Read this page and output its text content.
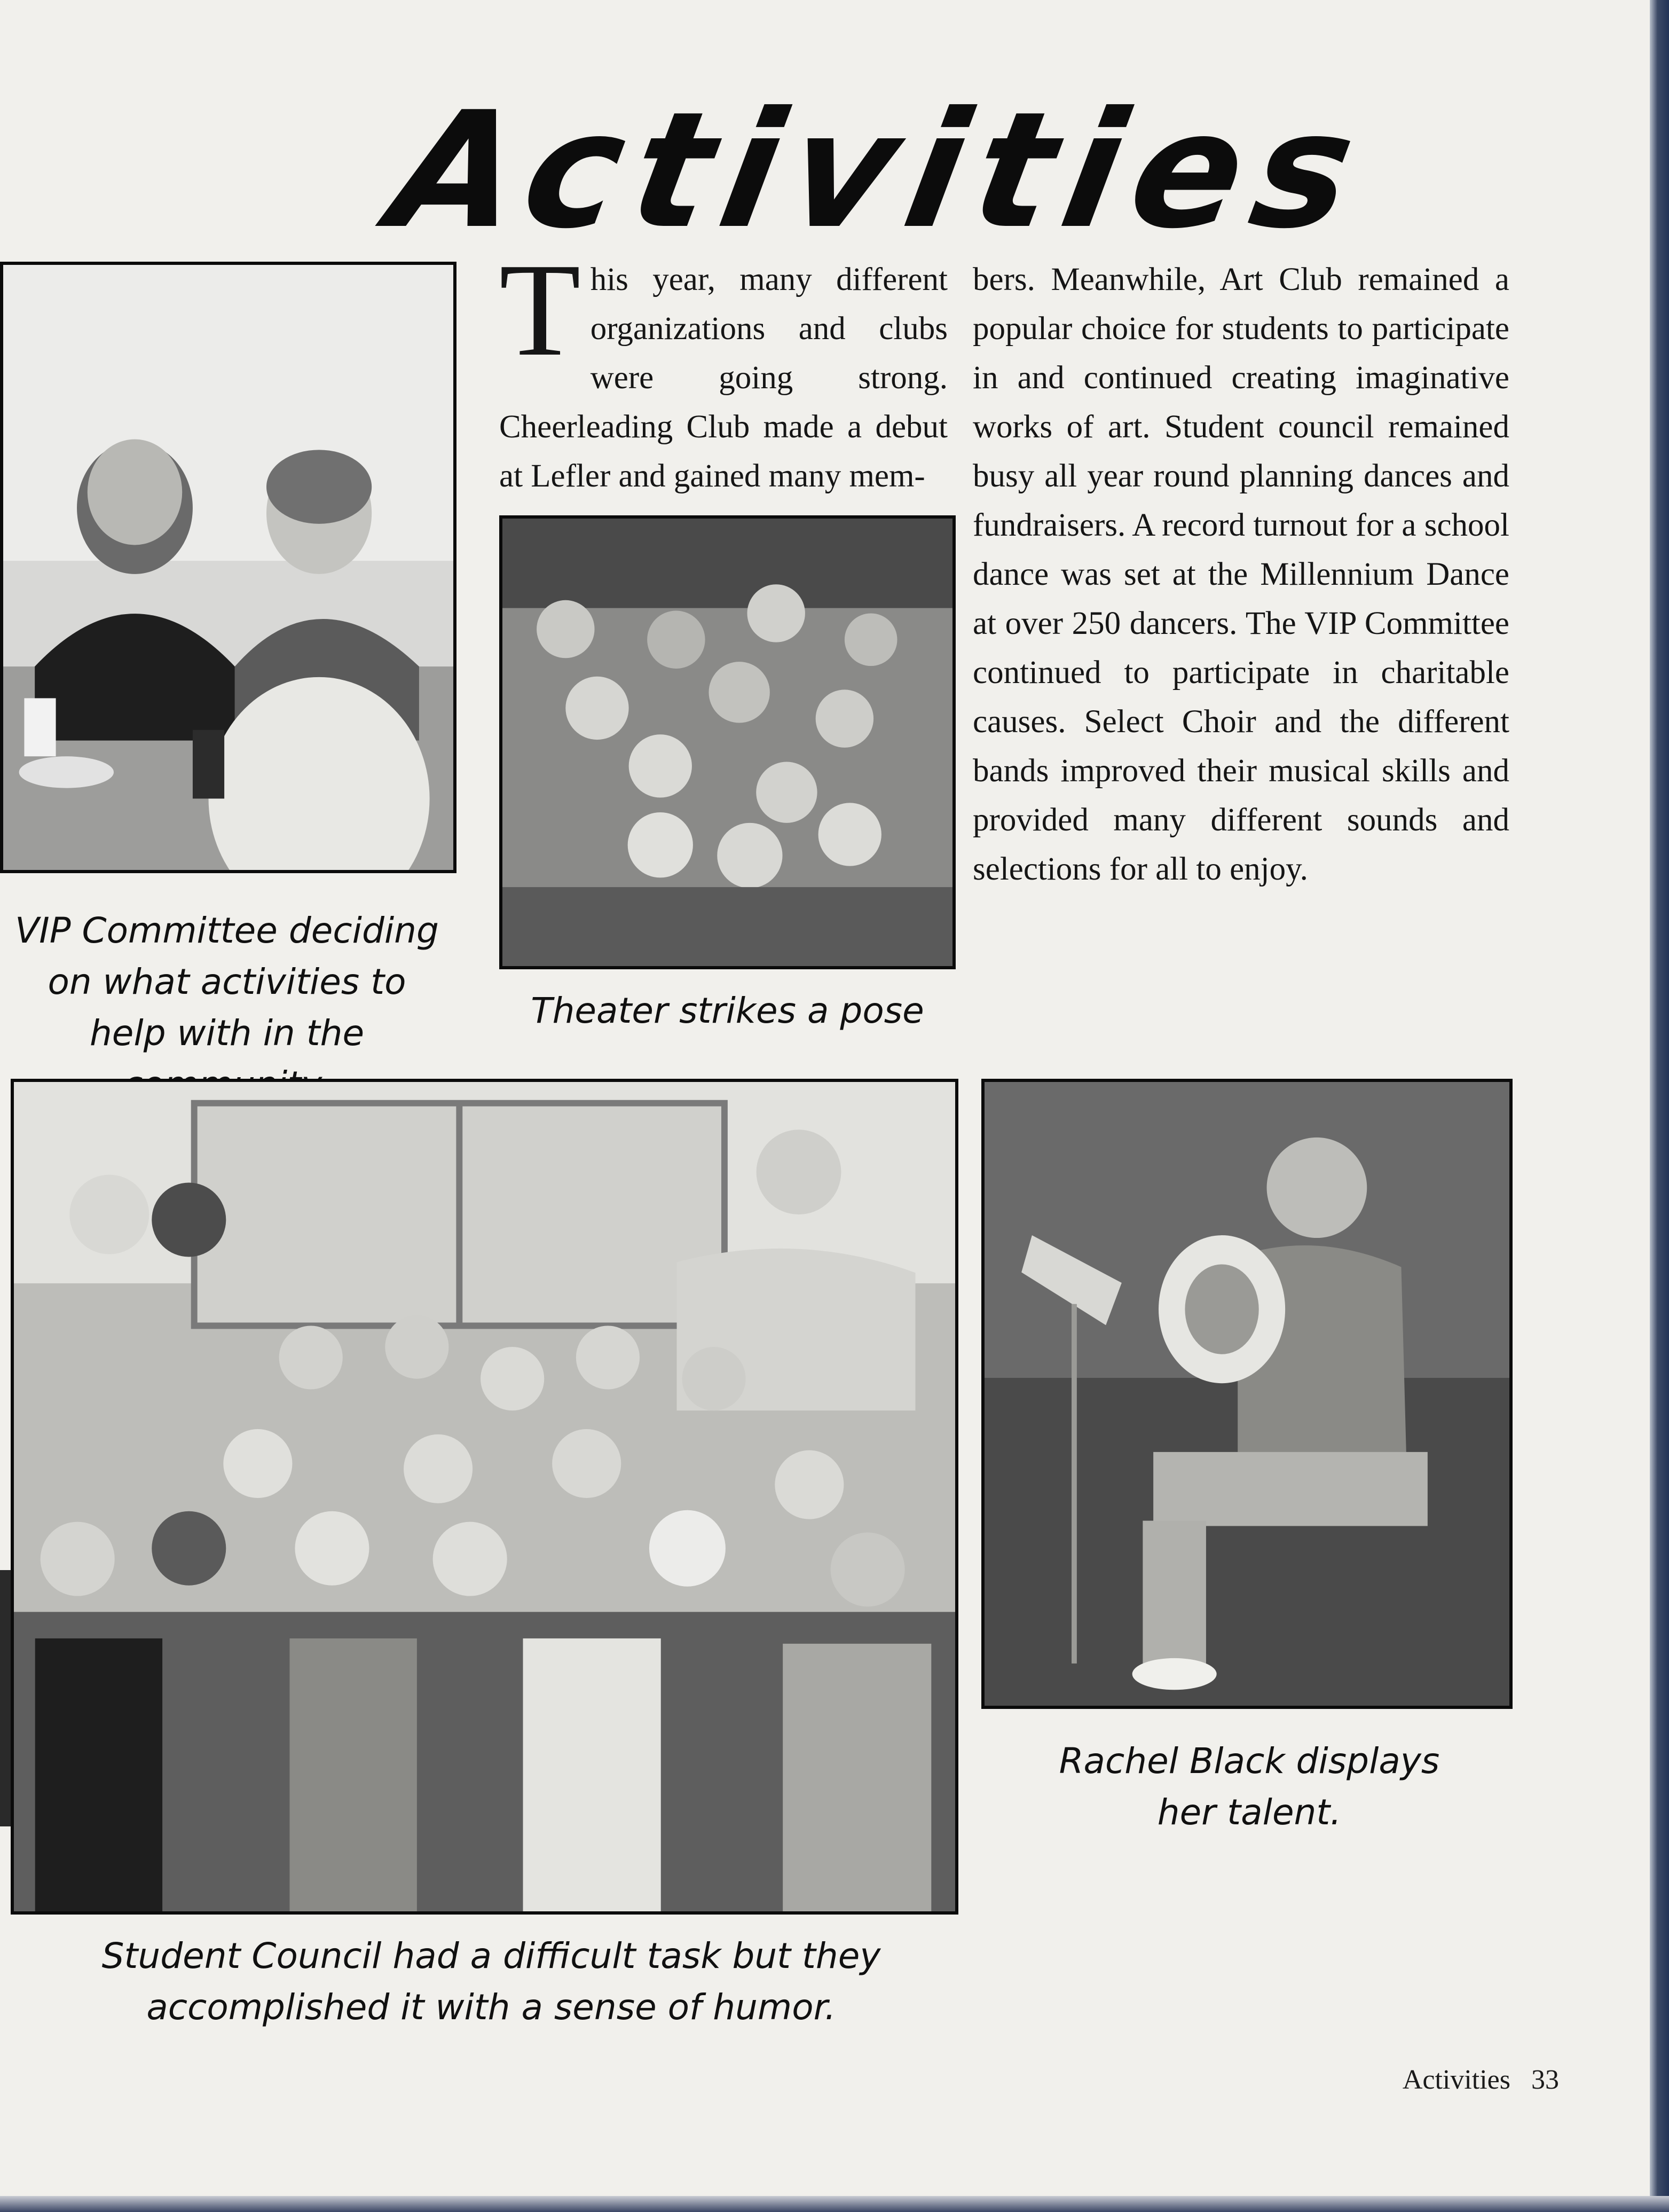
Activities
This year, many different organizations and clubs were going strong. Cheerleading Club made a debut at Lefler and gained many mem-
bers. Meanwhile, Art Club remained a popular choice for students to participate in and continued creating imaginative works of art. Student council remained busy all year round planning dances and fundraisers. A record turnout for a school dance was set at the Millennium Dance at over 250 dancers. The VIP Committee continued to participate in charitable causes. Select Choir and the different bands improved their musical skills and provided many different sounds and selections for all to enjoy.
VIP Committee deciding on what activities to help with in the
Theater strikes a pose
Rachel Black displays her talent.
Student Council had a difficult task but they accomplished it with a sense of humor.
Activities 33
